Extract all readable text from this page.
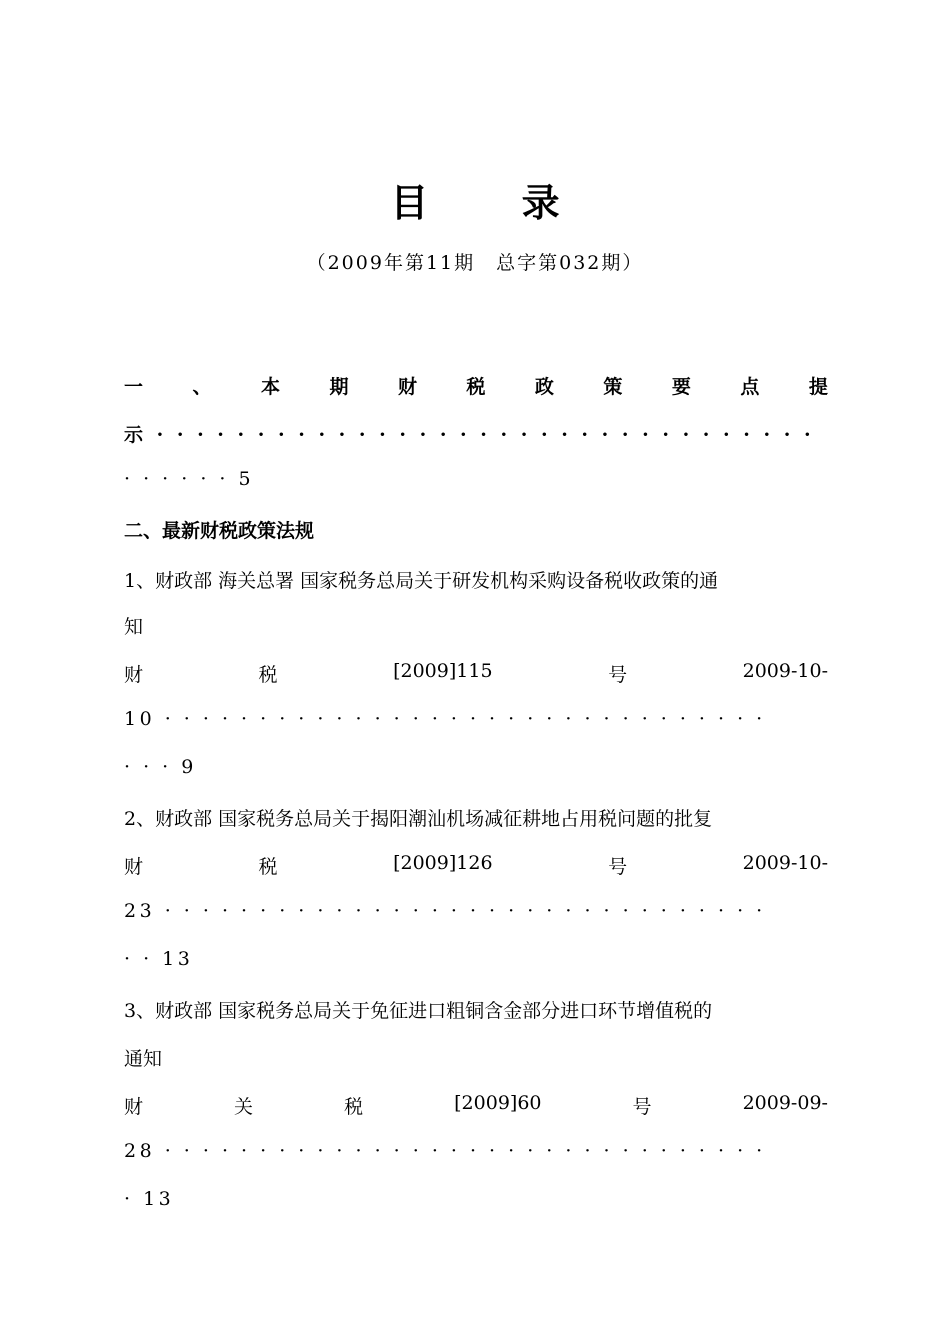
目 录
（2009年第11期　总字第032期）
一	、	本	期	财	税	政	策	要	点	提
示 · · · · · · · · · · · · · · · · · · · · · · · · · · · · · · · · ·
· · · · · · 5
二、最新财税政策法规
1、财政部 海关总署 国家税务总局关于研发机构采购设备税收政策的通
知
财	税	[2009]115	号	2009-10-
10 · · · · · · · · · · · · · · · · · · · · · · · · · · · · · · · ·
· · · 9
2、财政部 国家税务总局关于揭阳潮汕机场减征耕地占用税问题的批复
财	税	[2009]126	号	2009-10-
23 · · · · · · · · · · · · · · · · · · · · · · · · · · · · · · · ·
· · 13
3、财政部 国家税务总局关于免征进口粗铜含金部分进口环节增值税的
通知
财	关	税	[2009]60	号	2009-09-
28 · · · · · · · · · · · · · · · · · · · · · · · · · · · · · · · ·
· 13
